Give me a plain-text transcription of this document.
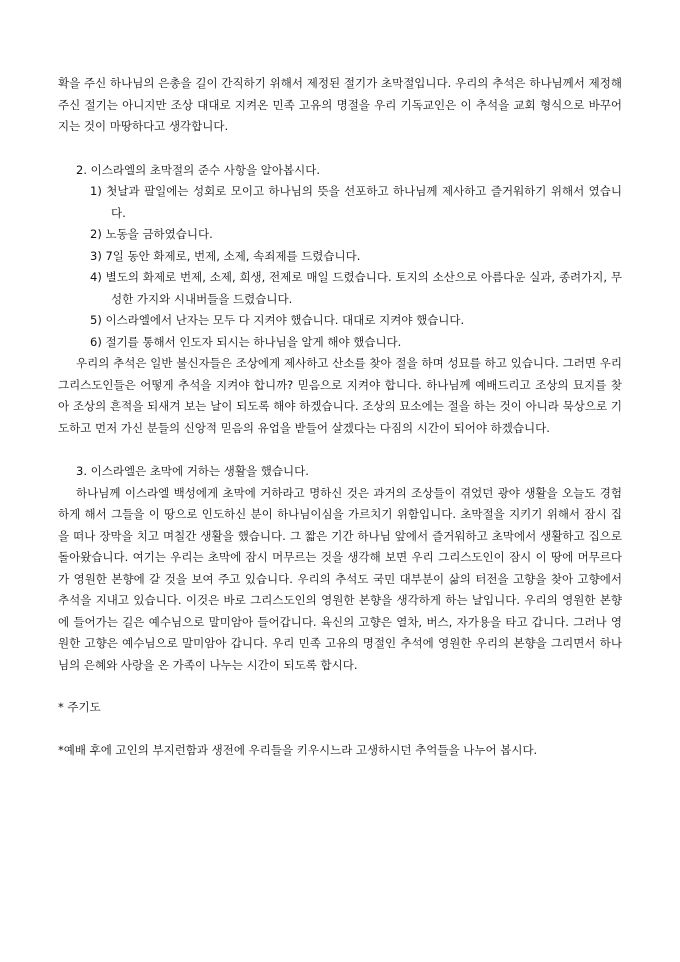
확을 주신 하나님의 은총을 길이 간직하기 위해서 제정된 절기가 초막절입니다. 우리의 추석은 하나님께서 제정해 주신 절기는 아니지만 조상 대대로 지켜온 민족 고유의 명절을 우리 기독교인은 이 추석을 교회 형식으로 바꾸어지는 것이 마땅하다고 생각합니다.

2. 이스라엘의 초막절의 준수 사항을 알아봅시다.

1) 첫날과 팔일에는 성회로 모이고 하나님의 뜻을 선포하고 하나님께 제사하고 즐거워하기 위해서 였습니다.
2) 노동을 금하였습니다.
3) 7일 동안 화제로, 번제, 소제, 속죄제를 드렸습니다.
4) 별도의 화제로 번제, 소제, 희생, 전제로 매일 드렸습니다. 토지의 소산으로 아름다운 실과, 종려가지, 무성한 가지와 시내버들을 드렸습니다.
5) 이스라엘에서 난자는 모두 다 지켜야 했습니다. 대대로 지켜야 했습니다.
6) 절기를 통해서 인도자 되시는 하나님을 알게 해야 했습니다.

우리의 추석은 일반 불신자들은 조상에게 제사하고 산소를 찾아 절을 하며 성묘를 하고 있습니다. 그러면 우리 그리스도인들은 어떻게 추석을 지켜야 합니까? 믿음으로 지켜야 합니다. 하나님께 예배드리고 조상의 묘지를 찾아 조상의 흔적을 되새겨 보는 날이 되도록 해야 하겠습니다. 조상의 묘소에는 절을 하는 것이 아니라 묵상으로 기도하고 먼저 가신 분들의 신앙적 믿음의 유업을 받들어 살겠다는 다짐의 시간이 되어야 하겠습니다.

3. 이스라엘은 초막에 거하는 생활을 했습니다.

하나님께 이스라엘 백성에게 초막에 거하라고 명하신 것은 과거의 조상들이 겪었던 광야 생활을 오늘도 경험하게 해서 그들을 이 땅으로 인도하신 분이 하나님이심을 가르치기 위함입니다. 초막절을 지키기 위해서 잠시 집을 떠나 장막을 치고 며칠간 생활을 했습니다. 그 짧은 기간 하나님 앞에서 즐거워하고 초막에서 생활하고 집으로 돌아왔습니다. 여기는 우리는 초막에 잠시 머무르는 것을 생각해 보면 우리 그리스도인이 잠시 이 땅에 머무르다가 영원한 본향에 갈 것을 보여 주고 있습니다. 우리의 추석도 국민 대부분이 삶의 터전을 고향을 찾아 고향에서 추석을 지내고 있습니다. 이것은 바로 그리스도인의 영원한 본향을 생각하게 하는 날입니다. 우리의 영원한 본향에 들어가는 길은 예수님으로 말미암아 들어갑니다. 육신의 고향은 열차, 버스, 자가용을 타고 갑니다. 그러나 영원한 고향은 예수님으로 말미암아 갑니다. 우리 민족 고유의 명절인 추석에 영원한 우리의 본향을 그리면서 하나님의 은혜와 사랑을 온 가족이 나누는 시간이 되도록 합시다.

* 주기도

*예배 후에 고인의 부지런함과 생전에 우리들을 키우시느라 고생하시던 추억들을 나누어 봅시다.
